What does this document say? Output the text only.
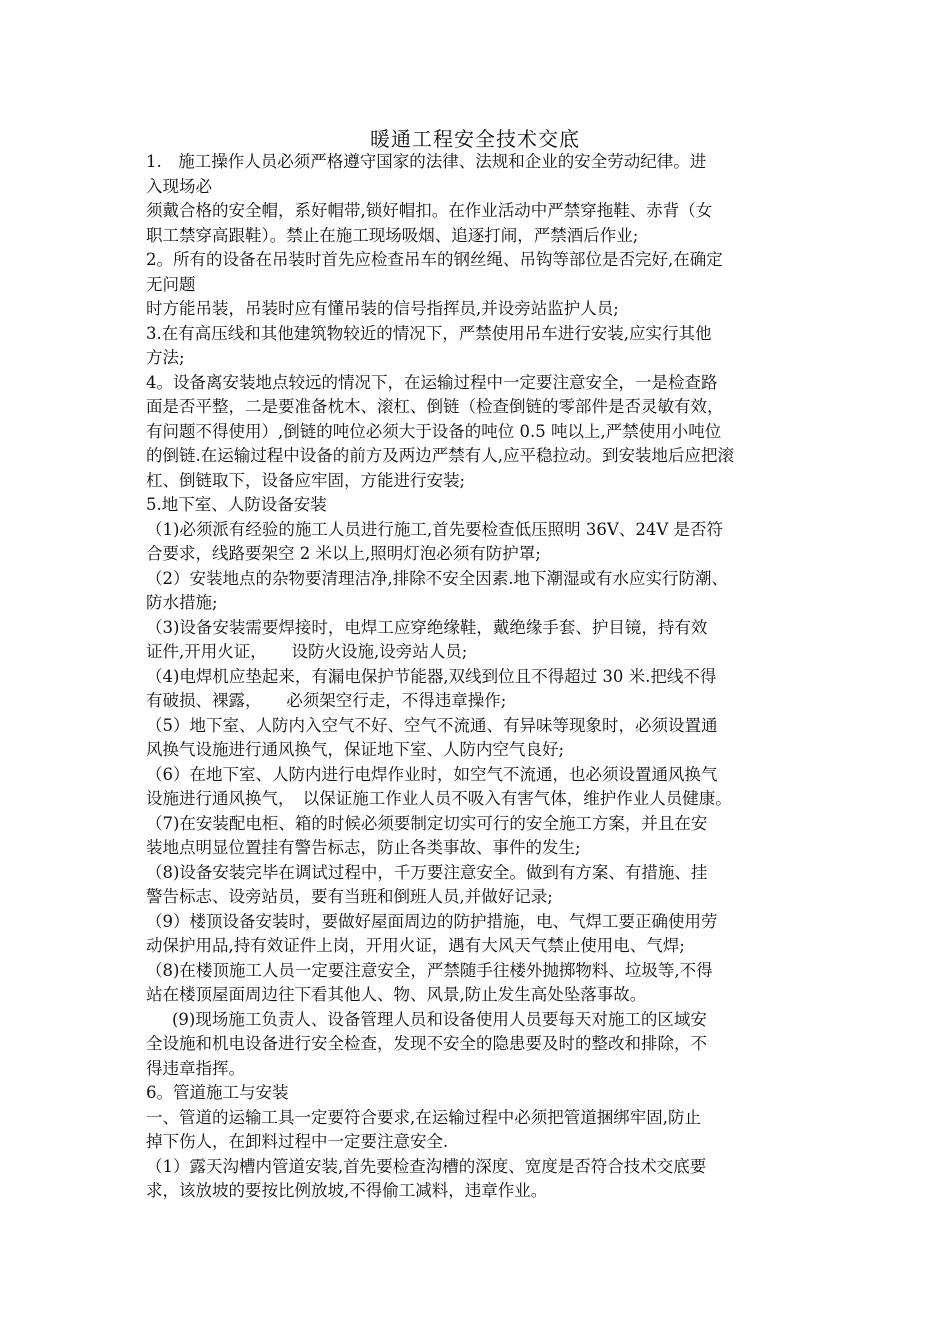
暖通工程安全技术交底
1.　施工操作人员必须严格遵守国家的法律、法规和企业的安全劳动纪律。进
入现场必
须戴合格的安全帽，系好帽带,锁好帽扣。在作业活动中严禁穿拖鞋、赤背（女
职工禁穿高跟鞋）。禁止在施工现场吸烟、追逐打闹，严禁酒后作业;
2。所有的设备在吊装时首先应检查吊车的钢丝绳、吊钩等部位是否完好,在确定
无问题
时方能吊装，吊装时应有懂吊装的信号指挥员,并设旁站监护人员;
3.在有高压线和其他建筑物较近的情况下，严禁使用吊车进行安装,应实行其他
方法;
4。设备离安装地点较远的情况下，在运输过程中一定要注意安全，一是检查路
面是否平整，二是要准备枕木、滚杠、倒链（检查倒链的零部件是否灵敏有效，
有问题不得使用）,倒链的吨位必须大于设备的吨位 0.5 吨以上,严禁使用小吨位
的倒链.在运输过程中设备的前方及两边严禁有人,应平稳拉动。到安装地后应把滚
杠、倒链取下，设备应牢固，方能进行安装;
5.地下室、人防设备安装
（1)必须派有经验的施工人员进行施工,首先要检查低压照明 36V、24V 是否符
合要求，线路要架空 2 米以上,照明灯泡必须有防护罩;
（2）安装地点的杂物要清理洁净,排除不安全因素.地下潮湿或有水应实行防潮、
防水措施;
（3)设备安装需要焊接时，电焊工应穿绝缘鞋，戴绝缘手套、护目镜，持有效
证件,开用火证，　　设防火设施,设旁站人员;
（4)电焊机应垫起来，有漏电保护节能器,双线到位且不得超过 30 米.把线不得
有破损、裸露，　　必须架空行走，不得违章操作;
（5）地下室、人防内入空气不好、空气不流通、有异味等现象时，必须设置通
风换气设施进行通风换气，保证地下室、人防内空气良好;
（6）在地下室、人防内进行电焊作业时，如空气不流通，也必须设置通风换气
设施进行通风换气，　以保证施工作业人员不吸入有害气体，维护作业人员健康。
（7)在安装配电柜、箱的时候必须要制定切实可行的安全施工方案，并且在安
装地点明显位置挂有警告标志，防止各类事故、事件的发生;
（8)设备安装完毕在调试过程中，千万要注意安全。做到有方案、有措施、挂
警告标志、设旁站员，要有当班和倒班人员,并做好记录;
（9）楼顶设备安装时，要做好屋面周边的防护措施，电、气焊工要正确使用劳
动保护用品,持有效证件上岗，开用火证，遇有大风天气禁止使用电、气焊;
（8)在楼顶施工人员一定要注意安全，严禁随手往楼外抛掷物料、垃圾等,不得
站在楼顶屋面周边往下看其他人、物、风景,防止发生高处坠落事故。
(9)现场施工负责人、设备管理人员和设备使用人员要每天对施工的区域安
全设施和机电设备进行安全检查，发现不安全的隐患要及时的整改和排除，不
得违章指挥。
6。管道施工与安装
一、管道的运输工具一定要符合要求,在运输过程中必须把管道捆绑牢固,防止
掉下伤人，在卸料过程中一定要注意安全.
（1）露天沟槽内管道安装,首先要检查沟槽的深度、宽度是否符合技术交底要
求，该放坡的要按比例放坡,不得偷工减料，违章作业。
